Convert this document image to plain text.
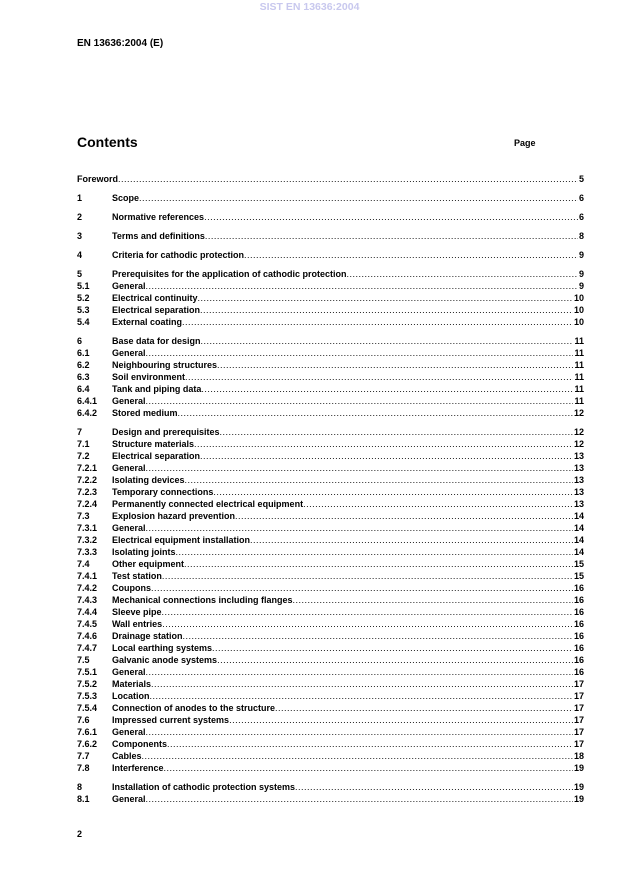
SIST EN 13636:2004
EN 13636:2004 (E)
Contents	Page
Foreword .....	5
1	Scope .....	6
2	Normative references .....	6
3	Terms and definitions .....	8
4	Criteria for cathodic protection .....	9
5	Prerequisites for the application of cathodic protection .....	9
5.1	General .....	9
5.2	Electrical continuity .....	10
5.3	Electrical separation .....	10
5.4	External coating .....	10
6	Base data for design .....	11
6.1	General .....	11
6.2	Neighbouring structures .....	11
6.3	Soil environment .....	11
6.4	Tank and piping data .....	11
6.4.1	General .....	11
6.4.2	Stored medium .....	12
7	Design and prerequisites .....	12
7.1	Structure materials .....	12
7.2	Electrical separation .....	13
7.2.1	General .....	13
7.2.2	Isolating devices .....	13
7.2.3	Temporary connections .....	13
7.2.4	Permanently connected electrical equipment .....	13
7.3	Explosion hazard prevention .....	14
7.3.1	General .....	14
7.3.2	Electrical equipment installation .....	14
7.3.3	Isolating joints .....	14
7.4	Other equipment .....	15
7.4.1	Test station .....	15
7.4.2	Coupons .....	16
7.4.3	Mechanical connections including flanges .....	16
7.4.4	Sleeve pipe .....	16
7.4.5	Wall entries .....	16
7.4.6	Drainage station .....	16
7.4.7	Local earthing systems .....	16
7.5	Galvanic anode systems .....	16
7.5.1	General .....	16
7.5.2	Materials .....	17
7.5.3	Location .....	17
7.5.4	Connection of anodes to the structure .....	17
7.6	Impressed current systems .....	17
7.6.1	General .....	17
7.6.2	Components .....	17
7.7	Cables .....	18
7.8	Interference .....	19
8	Installation of cathodic protection systems .....	19
8.1	General .....	19
2
